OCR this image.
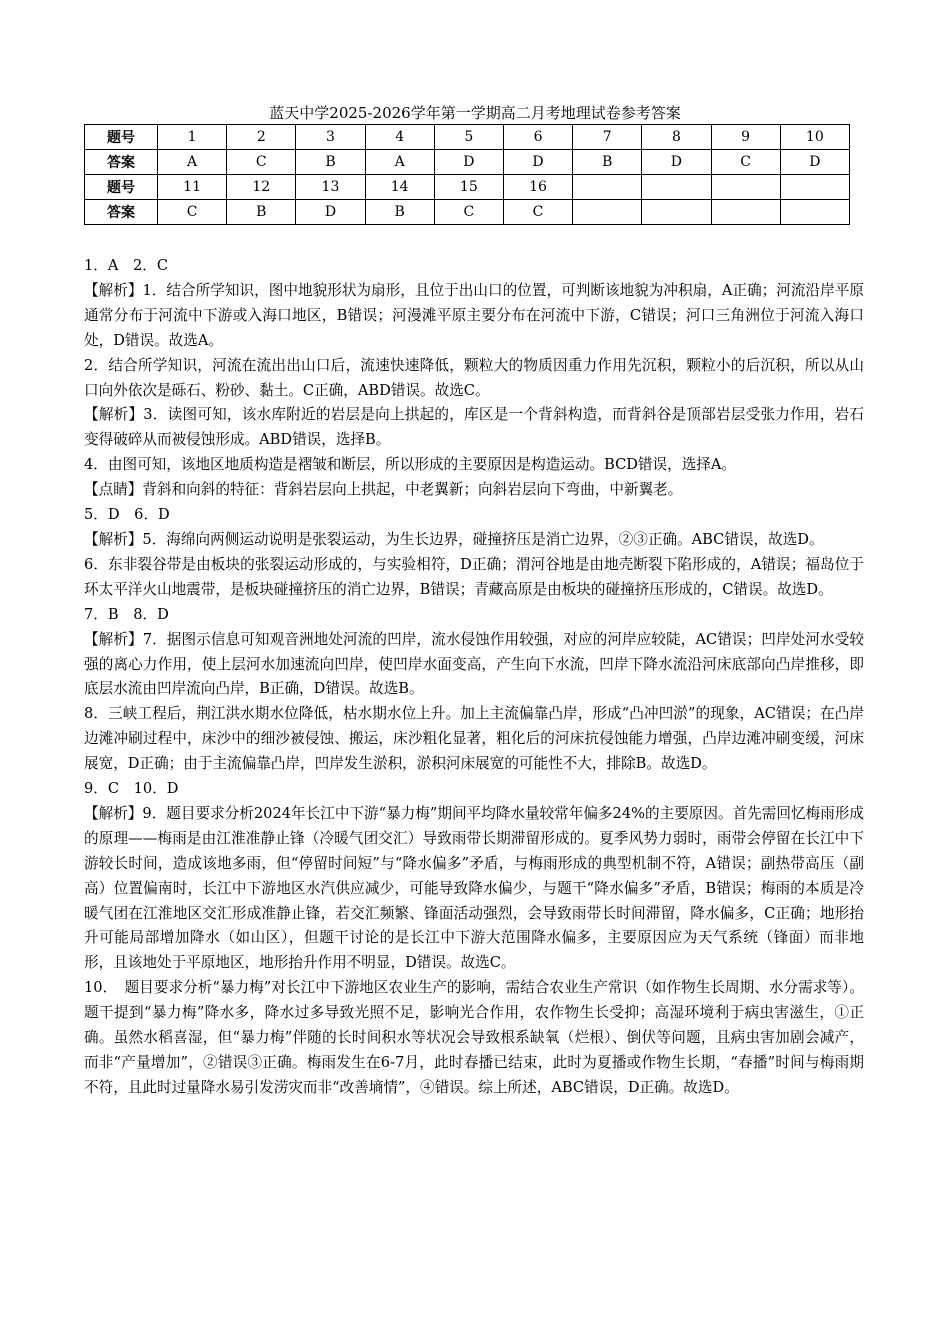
蓝天中学2025-2026学年第一学期高二月考地理试卷参考答案
题号	1	2	3	4	5	6	7	8	9	10
答案	A	C	B	A	D	D	B	D	C	D
题号	11	12	13	14	15	16				
答案	C	B	D	B	C	C				

1．A　2．C

【解析】1．结合所学知识，图中地貌形状为扇形，且位于出山口的位置，可判断该地貌为冲积扇，A正确；河流沿岸平原通常分布于河流中下游或入海口地区，B错误；河漫滩平原主要分布在河流中下游，C错误；河口三角洲位于河流入海口处，D错误。故选A。

2．结合所学知识，河流在流出出山口后，流速快速降低，颗粒大的物质因重力作用先沉积，颗粒小的后沉积，所以从山口向外依次是砾石、粉砂、黏土。C正确，ABD错误。故选C。

【解析】3．读图可知，该水库附近的岩层是向上拱起的，库区是一个背斜构造，而背斜谷是顶部岩层受张力作用，岩石变得破碎从而被侵蚀形成。ABD错误，选择B。

4．由图可知，该地区地质构造是褶皱和断层，所以形成的主要原因是构造运动。BCD错误，选择A。

【点睛】背斜和向斜的特征：背斜岩层向上拱起，中老翼新；向斜岩层向下弯曲，中新翼老。

5．D　6．D

【解析】5．海绵向两侧运动说明是张裂运动，为生长边界，碰撞挤压是消亡边界，②③正确。ABC错误，故选D。

6．东非裂谷带是由板块的张裂运动形成的，与实验相符，D正确；渭河谷地是由地壳断裂下陷形成的，A错误；福岛位于环太平洋火山地震带，是板块碰撞挤压的消亡边界，B错误；青藏高原是由板块的碰撞挤压形成的，C错误。故选D。

7．B　8．D

【解析】7．据图示信息可知观音洲地处河流的凹岸，流水侵蚀作用较强，对应的河岸应较陡，AC错误；凹岸处河水受较强的离心力作用，使上层河水加速流向凹岸，使凹岸水面变高，产生向下水流，凹岸下降水流沿河床底部向凸岸推移，即底层水流由凹岸流向凸岸，B正确，D错误。故选B。

8．三峡工程后，荆江洪水期水位降低，枯水期水位上升。加上主流偏靠凸岸，形成“凸冲凹淤”的现象，AC错误；在凸岸边滩冲刷过程中，床沙中的细沙被侵蚀、搬运，床沙粗化显著，粗化后的河床抗侵蚀能力增强，凸岸边滩冲刷变缓，河床展宽，D正确；由于主流偏靠凸岸，凹岸发生淤积，淤积河床展宽的可能性不大，排除B。故选D。

9．C　10．D

【解析】9．题目要求分析2024年长江中下游“暴力梅”期间平均降水量较常年偏多24%的主要原因。首先需回忆梅雨形成的原理——梅雨是由江淮准静止锋（冷暖气团交汇）导致雨带长期滞留形成的。夏季风势力弱时，雨带会停留在长江中下游较长时间，造成该地多雨，但“停留时间短”与“降水偏多”矛盾，与梅雨形成的典型机制不符，A错误；副热带高压（副高）位置偏南时，长江中下游地区水汽供应减少，可能导致降水偏少，与题干“降水偏多”矛盾，B错误；梅雨的本质是冷暖气团在江淮地区交汇形成准静止锋，若交汇频繁、锋面活动强烈，会导致雨带长时间滞留，降水偏多，C正确；地形抬升可能局部增加降水（如山区），但题干讨论的是长江中下游大范围降水偏多，主要原因应为天气系统（锋面）而非地形，且该地处于平原地区，地形抬升作用不明显，D错误。故选C。

10．　题目要求分析“暴力梅”对长江中下游地区农业生产的影响，需结合农业生产常识（如作物生长周期、水分需求等）。题干提到“暴力梅”降水多，降水过多导致光照不足，影响光合作用，农作物生长受抑；高湿环境利于病虫害滋生，①正确。虽然水稻喜湿，但“暴力梅”伴随的长时间积水等状况会导致根系缺氧（烂根）、倒伏等问题，且病虫害加剧会减产，而非“产量增加”，②错误③正确。梅雨发生在6-7月，此时春播已结束，此时为夏播或作物生长期，“春播”时间与梅雨期不符，且此时过量降水易引发涝灾而非“改善墒情”，④错误。综上所述，ABC错误，D正确。故选D。
